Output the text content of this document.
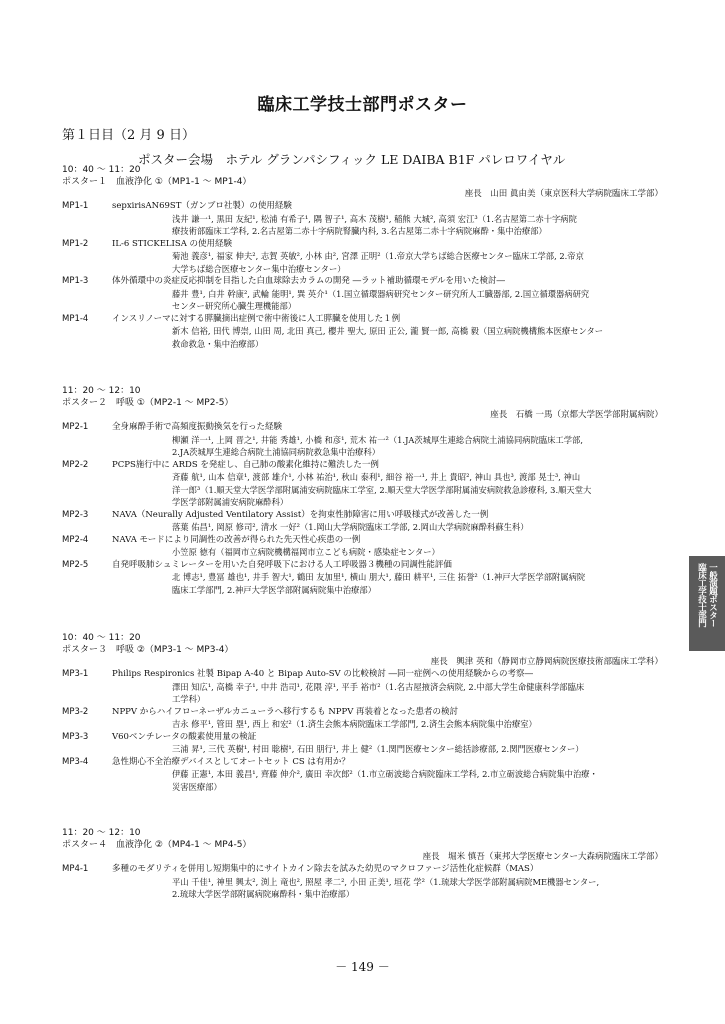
臨床工学技士部門ポスター
第１日目（2 月 9 日）
ポスター会場　ホテル グランパシフィック LE DAIBA B1F パレロワイヤル
10：40 ～ 11：20
ポスター１　血液浄化 ①（MP1-1 ～ MP1-4）
座長　山田 眞由美（東京医科大学病院臨床工学部）
MP1-1	sepxirisAN69ST（ガンブロ社製）の使用経験
浅井 謙一¹, 黒田 友紀¹, 松浦 有希子¹, 隅 智子¹, 高木 茂樹¹, 稲熊 大城², 高須 宏江³（1.名古屋第二赤十字病院
療技術部臨床工学科, 2.名古屋第二赤十字病院腎臓内科, 3.名古屋第二赤十字病院麻酔・集中治療部）
MP1-2	IL-6 STICKELISA の使用経験
菊池 義彦¹, 福家 伸夫², 志賀 英敏², 小林 由², 宮澤 正明²（1.帝京大学ちば総合医療センター臨床工学部, 2.帝京
大学ちば総合医療センター集中治療センター）
MP1-3	体外循環中の炎症反応抑制を目指した白血球除去カラムの開発 ―ラット補助循環モデルを用いた検討―
藤井 豊¹, 白井 幹康², 武輪 能明¹, 巽 英介¹（1.国立循環器病研究センター研究所人工臓器部, 2.国立循環器病研究
センター研究所心臓生理機能部）
MP1-4	インスリノーマに対する膵臓摘出症例で術中術後に人工膵臓を使用した１例
新木 信裕, 田代 博崇, 山田 周, 北田 真己, 櫻井 聖大, 原田 正公, 瀧 賢一郎, 高橋 毅（国立病院機構熊本医療センター
救命救急・集中治療部）
11：20 ～ 12：10
ポスター２　呼吸 ①（MP2-1 ～ MP2-5）
座長　石橋 一馬（京都大学医学部附属病院）
MP2-1	全身麻酔手術で高頻度振動換気を行った経験
柳瀬 洋一¹, 上岡 晋之¹, 井能 秀雄¹, 小橋 和彦¹, 荒木 祐一²（1.JA茨城厚生連総合病院土浦協同病院臨床工学部,
2.JA茨城厚生連総合病院土浦協同病院救急集中治療科）
MP2-2	PCPS施行中に ARDS を発症し、自己肺の酸素化維持に難渋した一例
斉藤 航¹, 山本 信章¹, 渡部 雄介¹, 小林 祐治¹, 秋山 泰利¹, 細谷 裕一¹, 井上 貴昭², 神山 具也³, 渡部 晃士³, 神山
洋一郎³（1.順天堂大学医学部附属浦安病院臨床工学室, 2.順天堂大学医学部附属浦安病院救急診療科, 3.順天堂大
学医学部附属浦安病院麻酔科）
MP2-3	NAVA（Neurally Adjusted Ventilatory Assist）を拘束性肺障害に用い呼吸様式が改善した一例
落葉 佑昌¹, 岡原 修司², 清水 一好²（1.岡山大学病院臨床工学部, 2.岡山大学病院麻酔科蘇生科）
MP2-4	NAVA モードにより同調性の改善が得られた先天性心疾患の一例
小笠原 徳有（福岡市立病院機構福岡市立こども病院・感染症センター）
MP2-5	自発呼吸肺シュミレーターを用いた自発呼吸下における人工呼吸器３機種の同調性能評価
北 博志¹, 豊冨 雄也¹, 井手 智大¹, 鶴田 友加里¹, 横山 朋大¹, 藤田 耕平¹, 三住 拓誉²（1.神戸大学医学部附属病院
臨床工学部門, 2.神戸大学医学部附属病院集中治療部）
10：40 ～ 11：20
ポスター３　呼吸 ②（MP3-1 ～ MP3-4）
座長　興津 英和（静岡市立静岡病院医療技術部臨床工学科）
MP3-1	Philips Respironics 社製 Bipap A-40 と Bipap Auto-SV の比較検討 ―同一症例への使用経験からの考察―
澤田 知広¹, 高橋 幸子¹, 中井 浩司¹, 花隈 淳¹, 平手 裕市²（1.名古屋掖済会病院, 2.中部大学生命健康科学部臨床
工学科）
MP3-2	NPPV からハイフローネーザルカニューラへ移行するも NPPV 再装着となった患者の検討
吉永 修平¹, 管田 塁¹, 西上 和宏²（1.済生会熊本病院臨床工学部門, 2.済生会熊本病院集中治療室）
MP3-3	V60ベンチレータの酸素使用量の検証
三浦 昇¹, 三代 英樹¹, 村田 聡樹¹, 石田 朋行¹, 井上 健²（1.関門医療センター総括診療部, 2.関門医療センター）
MP3-4	急性期心不全治療デバイスとしてオートセット CS は有用か？
伊藤 正憲¹, 本田 義昌¹, 齊藤 伸介², 廣田 幸次郎²（1.市立砺波総合病院臨床工学科, 2.市立砺波総合病院集中治療・
災害医療部）
11：20 ～ 12：10
ポスター４　血液浄化 ②（MP4-1 ～ MP4-5）
座長　堀米 慎吾（東邦大学医療センター大森病院臨床工学部）
MP4-1	多種のモダリティを併用し短期集中的にサイトカイン除去を試みた幼児のマクロファージ活性化症候群（MAS）
平山 千佳¹, 神里 興太², 渕上 竜也², 照屋 孝二², 小田 正美¹, 垣花 学²（1.琉球大学医学部附属病院ME機器センター,
2.琉球大学医学部附属病院麻酔科・集中治療部）
一般演題ポスター
臨床工学技士部門
－ 149 －
